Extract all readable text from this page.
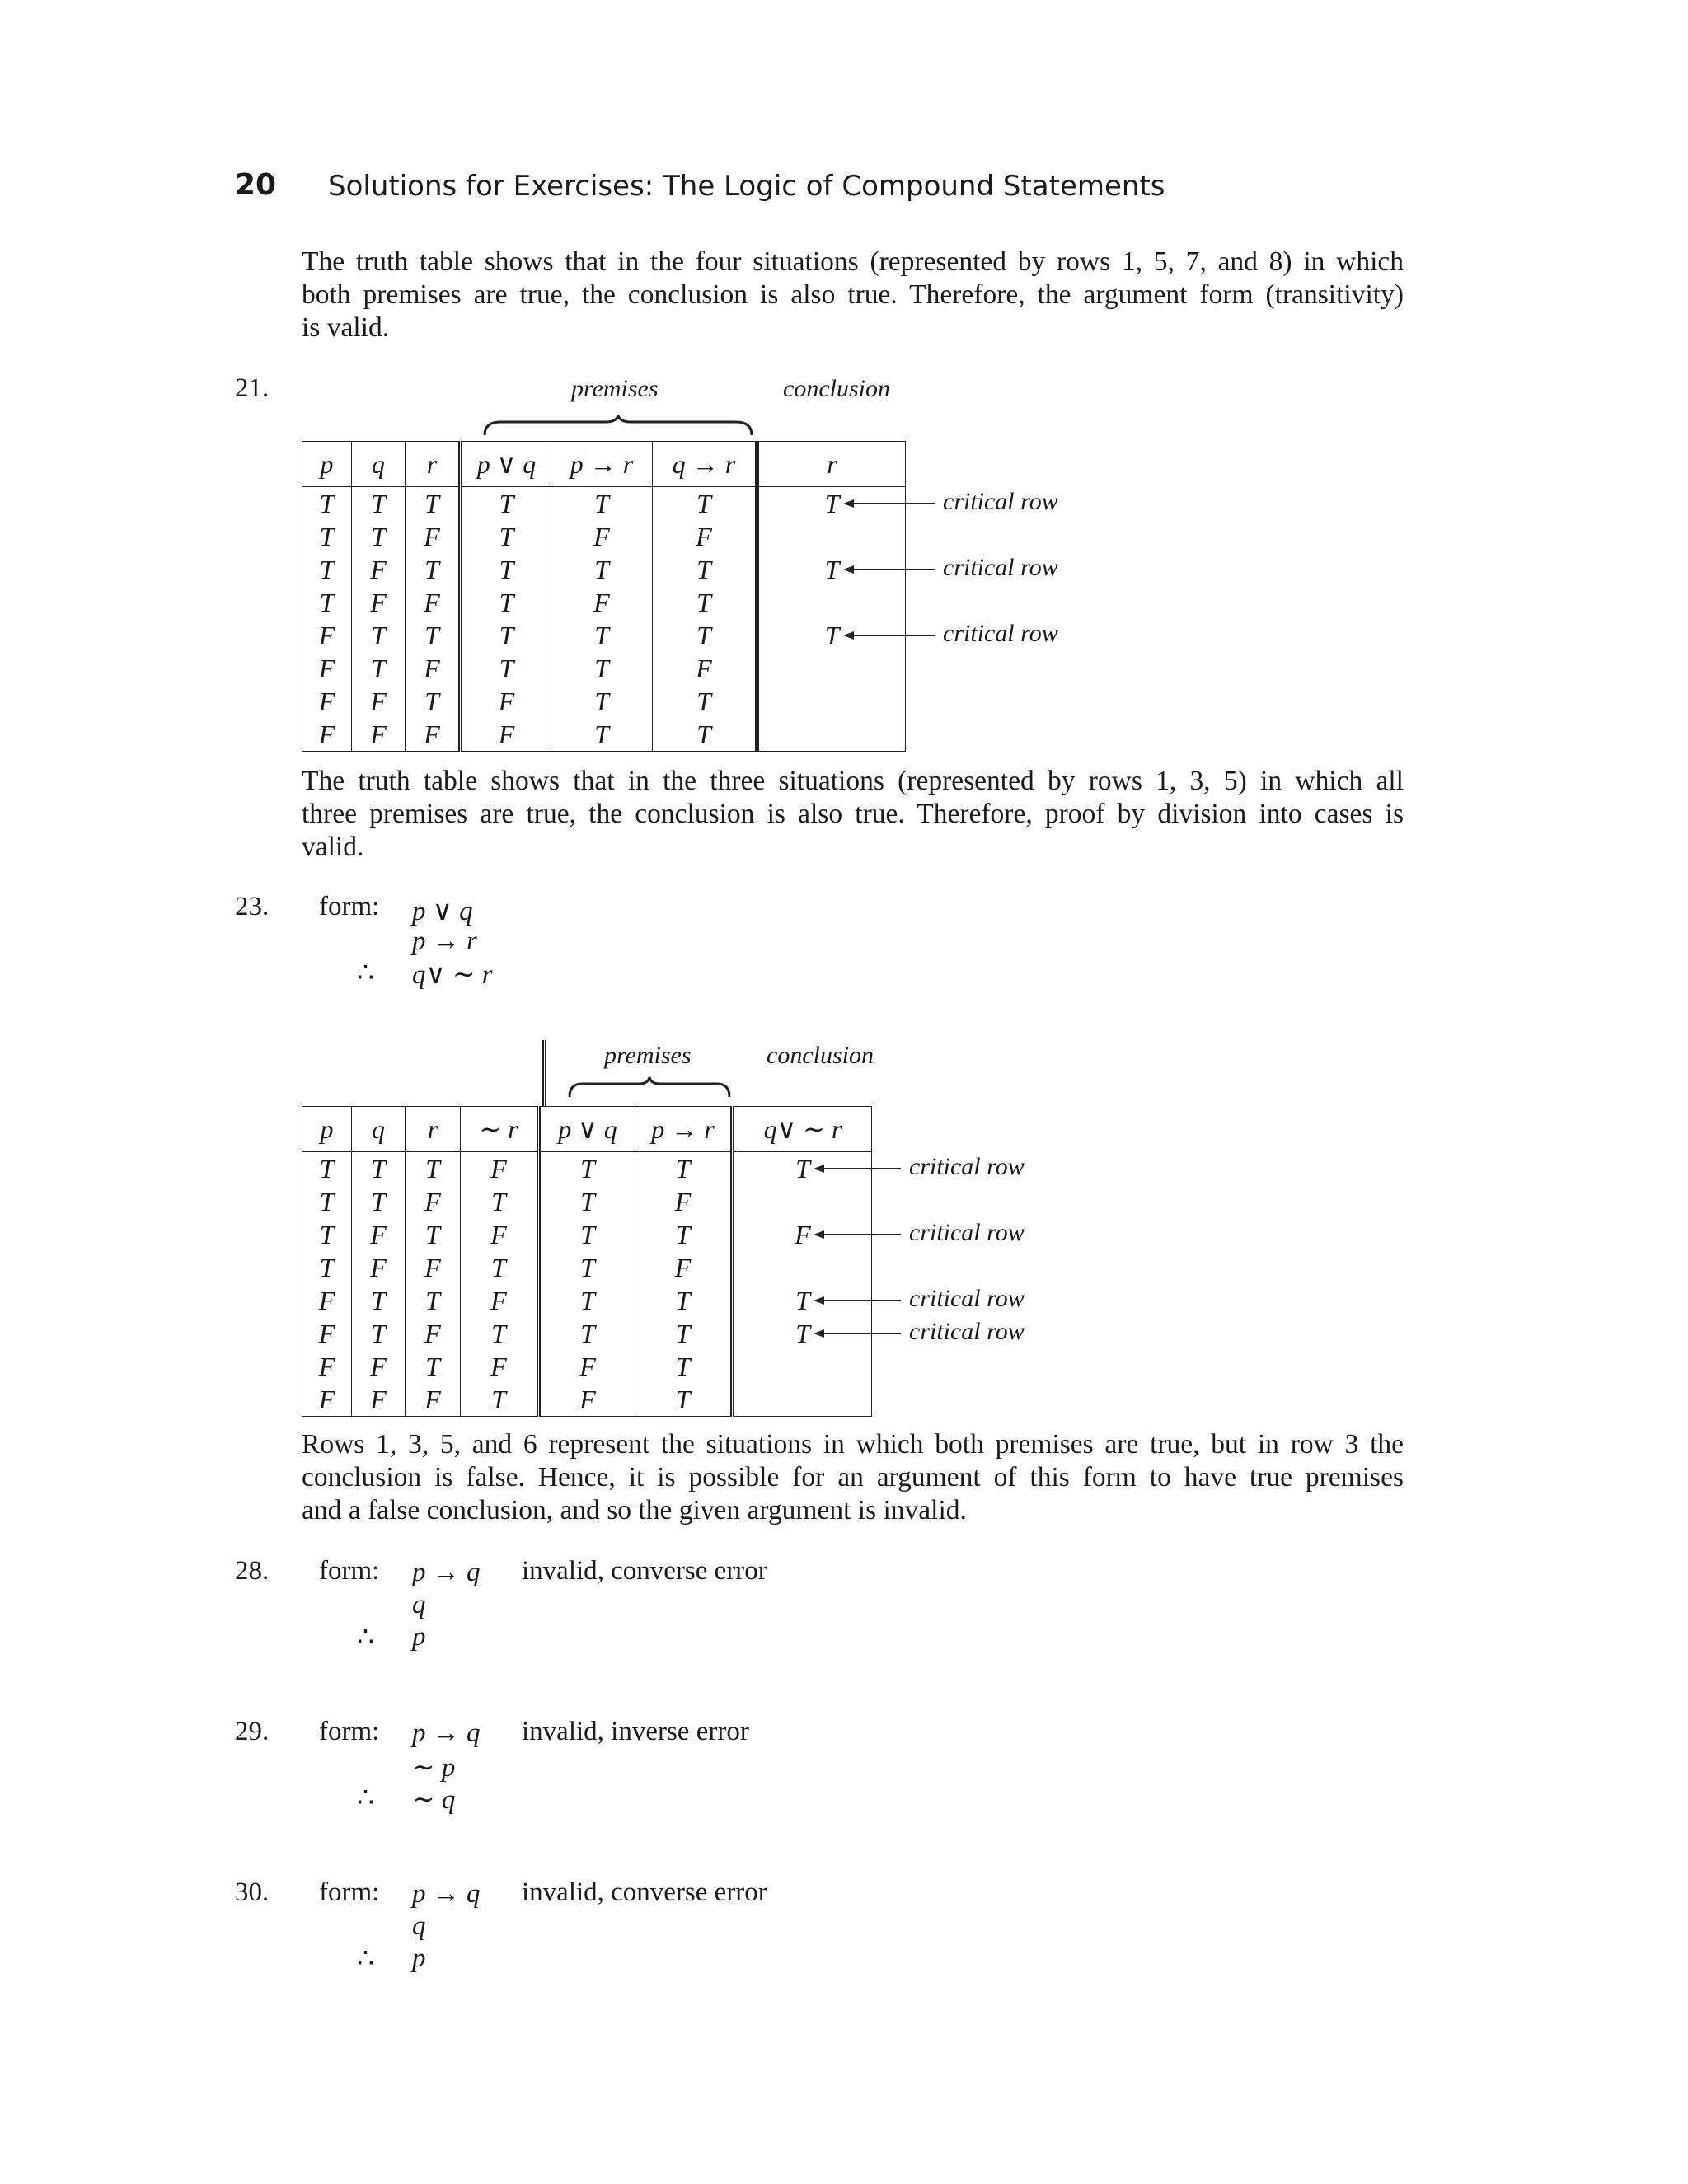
20 Solutions for Exercises: The Logic of Compound Statements
The truth table shows that in the four situations (represented by rows 1, 5, 7, and 8) in which
both premises are true, the conclusion is also true. Therefore, the argument form (transitivity)
is valid.
21.	premises	conclusion
p	q	r	p ∨ q	p → r	q → r	r
T	T	T	T	T	T	T
T	T	F	T	F	F	
T	F	T	T	T	T	T
T	F	F	T	F	T	
F	T	T	T	T	T	T
F	T	F	T	T	F	
F	F	T	F	T	T	
F	F	F	F	T	T	
The truth table shows that in the three situations (represented by rows 1, 3, 5) in which all
three premises are true, the conclusion is also true. Therefore, proof by division into cases is
valid.
23. form: p ∨ q
p → r
∴ q∨ ∼ r
premises	conclusion
p	q	r	∼ r	p ∨ q	p → r	q∨ ∼ r
T	T	T	F	T	T	T
T	T	F	T	T	F	
T	F	T	F	T	T	F
T	F	F	T	T	F	
F	T	T	F	T	T	T
F	T	F	T	T	T	T
F	F	T	F	F	T	
F	F	F	T	F	T	
Rows 1, 3, 5, and 6 represent the situations in which both premises are true, but in row 3 the
conclusion is false. Hence, it is possible for an argument of this form to have true premises
and a false conclusion, and so the given argument is invalid.
28. form: p → q invalid, converse error
q
∴ p
29. form: p → q invalid, inverse error
∼ p
∴ ∼ q
30. form: p → q invalid, converse error
q
∴ p
critical row
critical row
critical row
critical row
critical row
critical row
critical row
